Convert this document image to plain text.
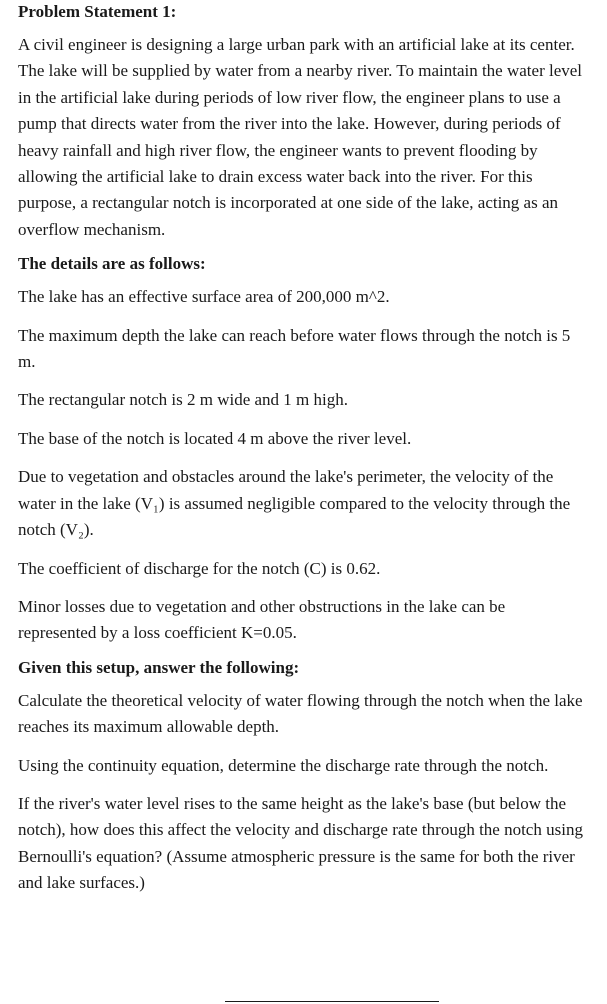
Problem Statement 1:

A civil engineer is designing a large urban park with an artificial lake at its center. The lake will be supplied by water from a nearby river. To maintain the water level in the artificial lake during periods of low river flow, the engineer plans to use a pump that directs water from the river into the lake. However, during periods of heavy rainfall and high river flow, the engineer wants to prevent flooding by allowing the artificial lake to drain excess water back into the river. For this purpose, a rectangular notch is incorporated at one side of the lake, acting as an overflow mechanism.

The details are as follows:

The lake has an effective surface area of 200,000 m^2.

The maximum depth the lake can reach before water flows through the notch is 5 m.

The rectangular notch is 2 m wide and 1 m high.

The base of the notch is located 4 m above the river level.

Due to vegetation and obstacles around the lake's perimeter, the velocity of the water in the lake (V₁) is assumed negligible compared to the velocity through the notch (V₂).

The coefficient of discharge for the notch (C) is 0.62.

Minor losses due to vegetation and other obstructions in the lake can be represented by a loss coefficient K=0.05.

Given this setup, answer the following:

Calculate the theoretical velocity of water flowing through the notch when the lake reaches its maximum allowable depth.

Using the continuity equation, determine the discharge rate through the notch.

If the river's water level rises to the same height as the lake's base (but below the notch), how does this affect the velocity and discharge rate through the notch using Bernoulli's equation? (Assume atmospheric pressure is the same for both the river and lake surfaces.)
